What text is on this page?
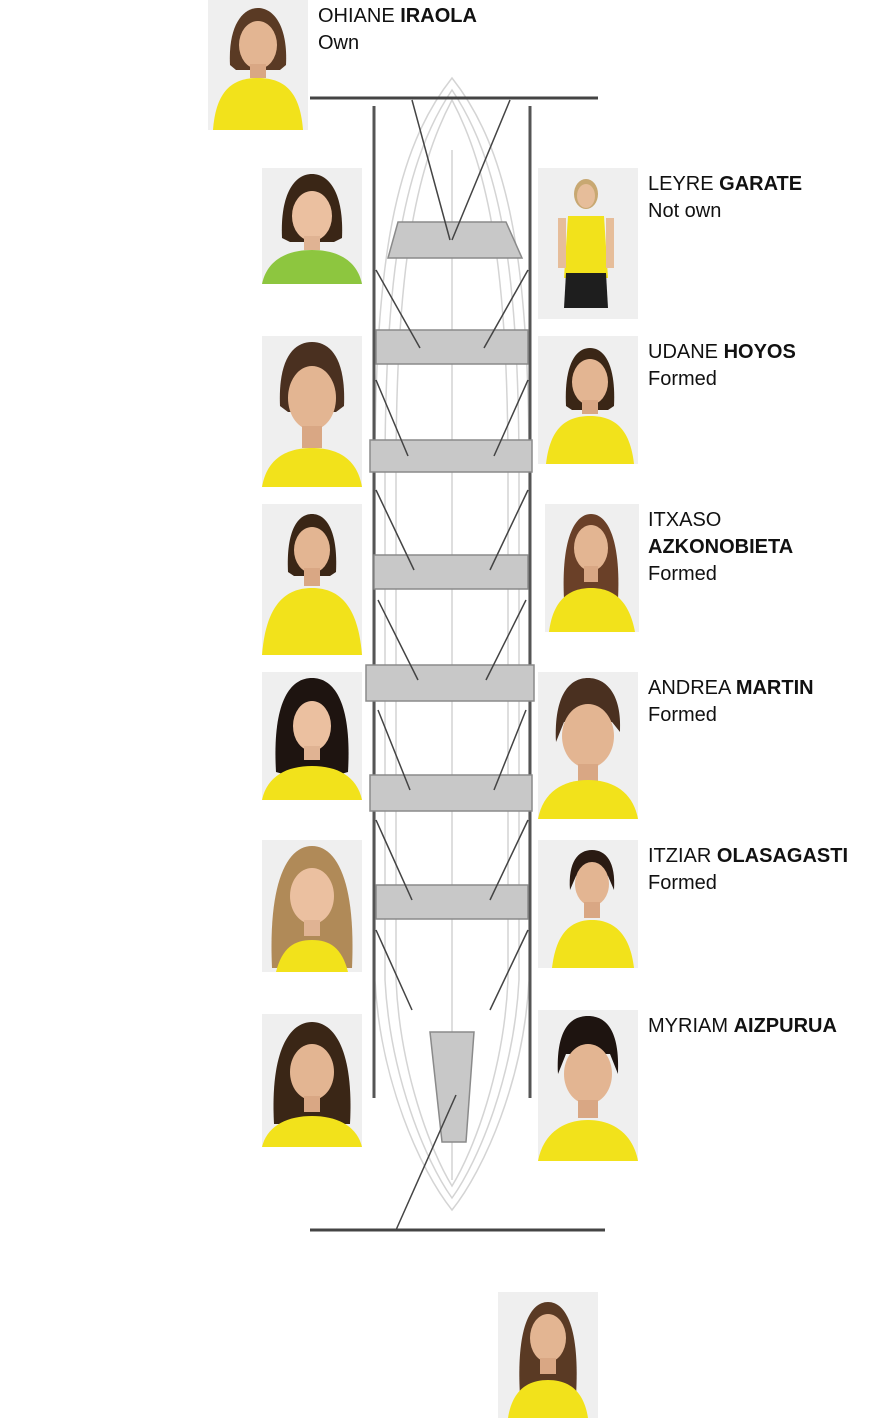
OHIANE IRAOLA
Own
LEYRE GARATE
Not own

UDANE HOYOS
Formed

ITXASO
AZKONOBIETA
Formed

ANDREA MARTIN
Formed
ITZIAR OLASAGASTI
Formed
MYRIAM AIZPURUA
